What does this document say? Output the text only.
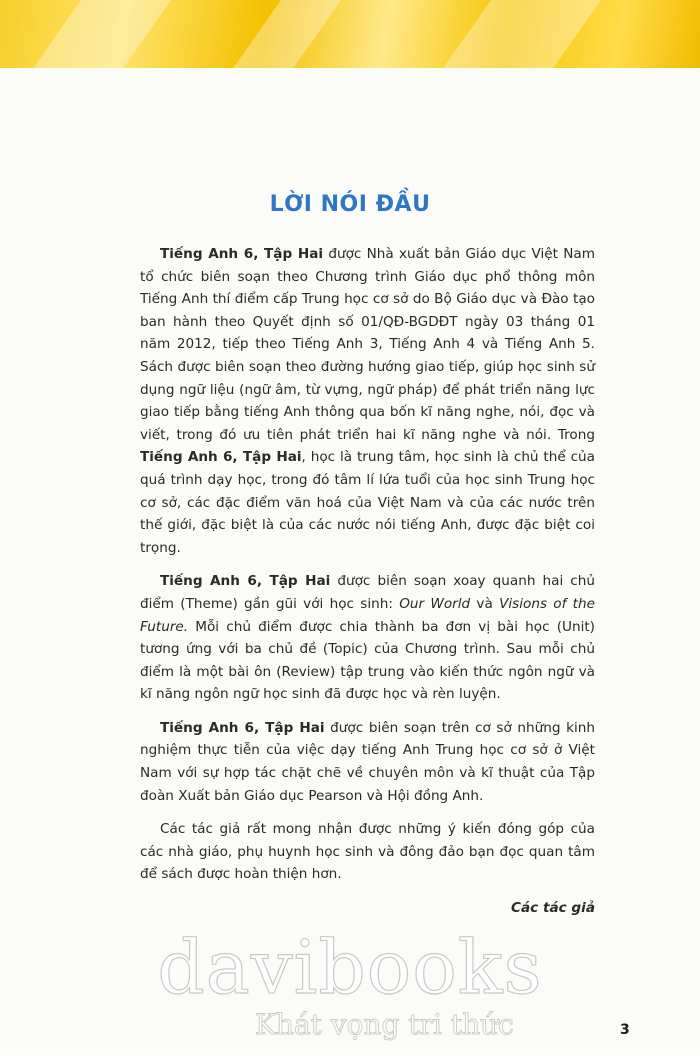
LỜI NÓI ĐẦU

Tiếng Anh 6, Tập Hai được Nhà xuất bản Giáo dục Việt Nam tổ chức biên soạn theo Chương trình Giáo dục phổ thông môn Tiếng Anh thí điểm cấp Trung học cơ sở do Bộ Giáo dục và Đào tạo ban hành theo Quyết định số 01/QĐ-BGDĐT ngày 03 tháng 01 năm 2012, tiếp theo Tiếng Anh 3, Tiếng Anh 4 và Tiếng Anh 5. Sách được biên soạn theo đường hướng giao tiếp, giúp học sinh sử dụng ngữ liệu (ngữ âm, từ vựng, ngữ pháp) để phát triển năng lực giao tiếp bằng tiếng Anh thông qua bốn kĩ năng nghe, nói, đọc và viết, trong đó ưu tiên phát triển hai kĩ năng nghe và nói. Trong Tiếng Anh 6, Tập Hai, học là trung tâm, học sinh là chủ thể của quá trình dạy học, trong đó tâm lí lứa tuổi của học sinh Trung học cơ sở, các đặc điểm văn hoá của Việt Nam và của các nước trên thế giới, đặc biệt là của các nước nói tiếng Anh, được đặc biệt coi trọng.

Tiếng Anh 6, Tập Hai được biên soạn xoay quanh hai chủ điểm (Theme) gần gũi với học sinh: Our World và Visions of the Future. Mỗi chủ điểm được chia thành ba đơn vị bài học (Unit) tương ứng với ba chủ đề (Topic) của Chương trình. Sau mỗi chủ điểm là một bài ôn (Review) tập trung vào kiến thức ngôn ngữ và kĩ năng ngôn ngữ học sinh đã được học và rèn luyện.

Tiếng Anh 6, Tập Hai được biên soạn trên cơ sở những kinh nghiệm thực tiễn của việc dạy tiếng Anh Trung học cơ sở ở Việt Nam với sự hợp tác chặt chẽ về chuyên môn và kĩ thuật của Tập đoàn Xuất bản Giáo dục Pearson và Hội đồng Anh.

Các tác giả rất mong nhận được những ý kiến đóng góp của các nhà giáo, phụ huynh học sinh và đông đảo bạn đọc quan tâm để sách được hoàn thiện hơn.

Các tác giả

davibooks
Khát vọng tri thức	3
